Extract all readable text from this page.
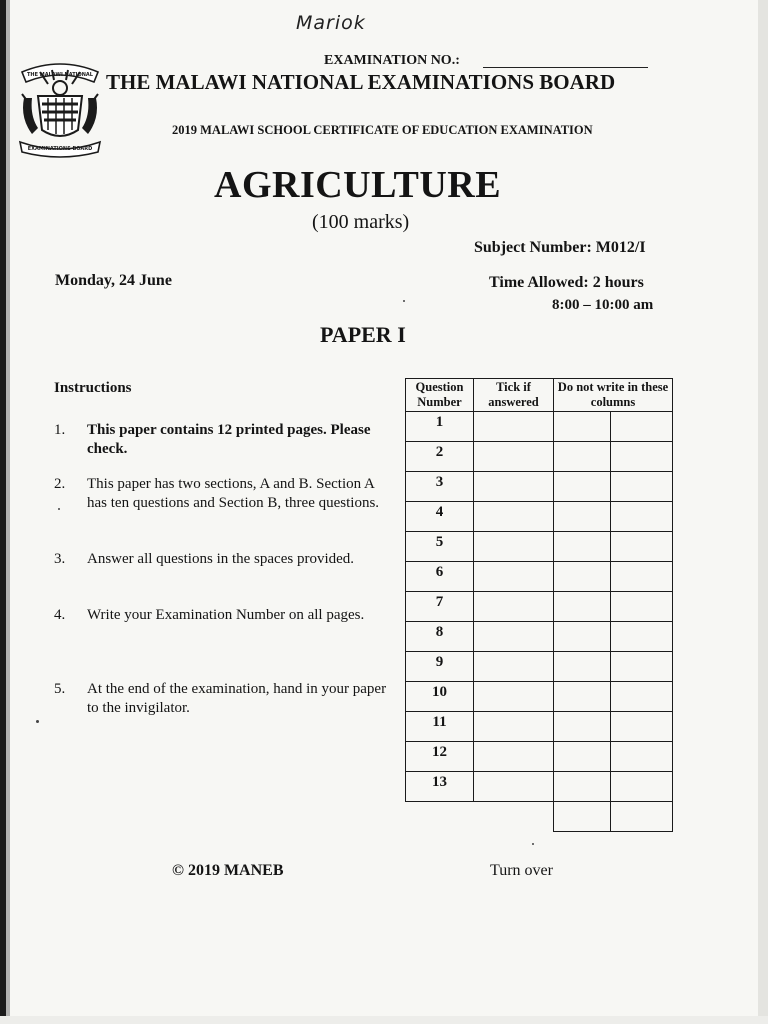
Mariok
EXAMINATION NO.:
THE MALAWI NATIONAL
EXAMINATIONS BOARD
THE MALAWI NATIONAL EXAMINATIONS BOARD
2019 MALAWI SCHOOL CERTIFICATE OF EDUCATION EXAMINATION
AGRICULTURE
(100 marks)
Subject Number: M012/I
Monday, 24 June	Time Allowed: 2 hours
8:00 – 10:00 am
PAPER I
Instructions
1. This paper contains 12 printed pages. Please check.
2. This paper has two sections, A and B. Section A has ten questions and Section B, three questions.
3. Answer all questions in the spaces provided.
4. Write your Examination Number on all pages.
5. At the end of the examination, hand in your paper to the invigilator.
Question Number	Tick if answered	Do not write in these columns	
1			
2			
3			
4			
5			
6			
7			
8			
9			
10			
11			
12			
13			

© 2019 MANEB	Turn over
